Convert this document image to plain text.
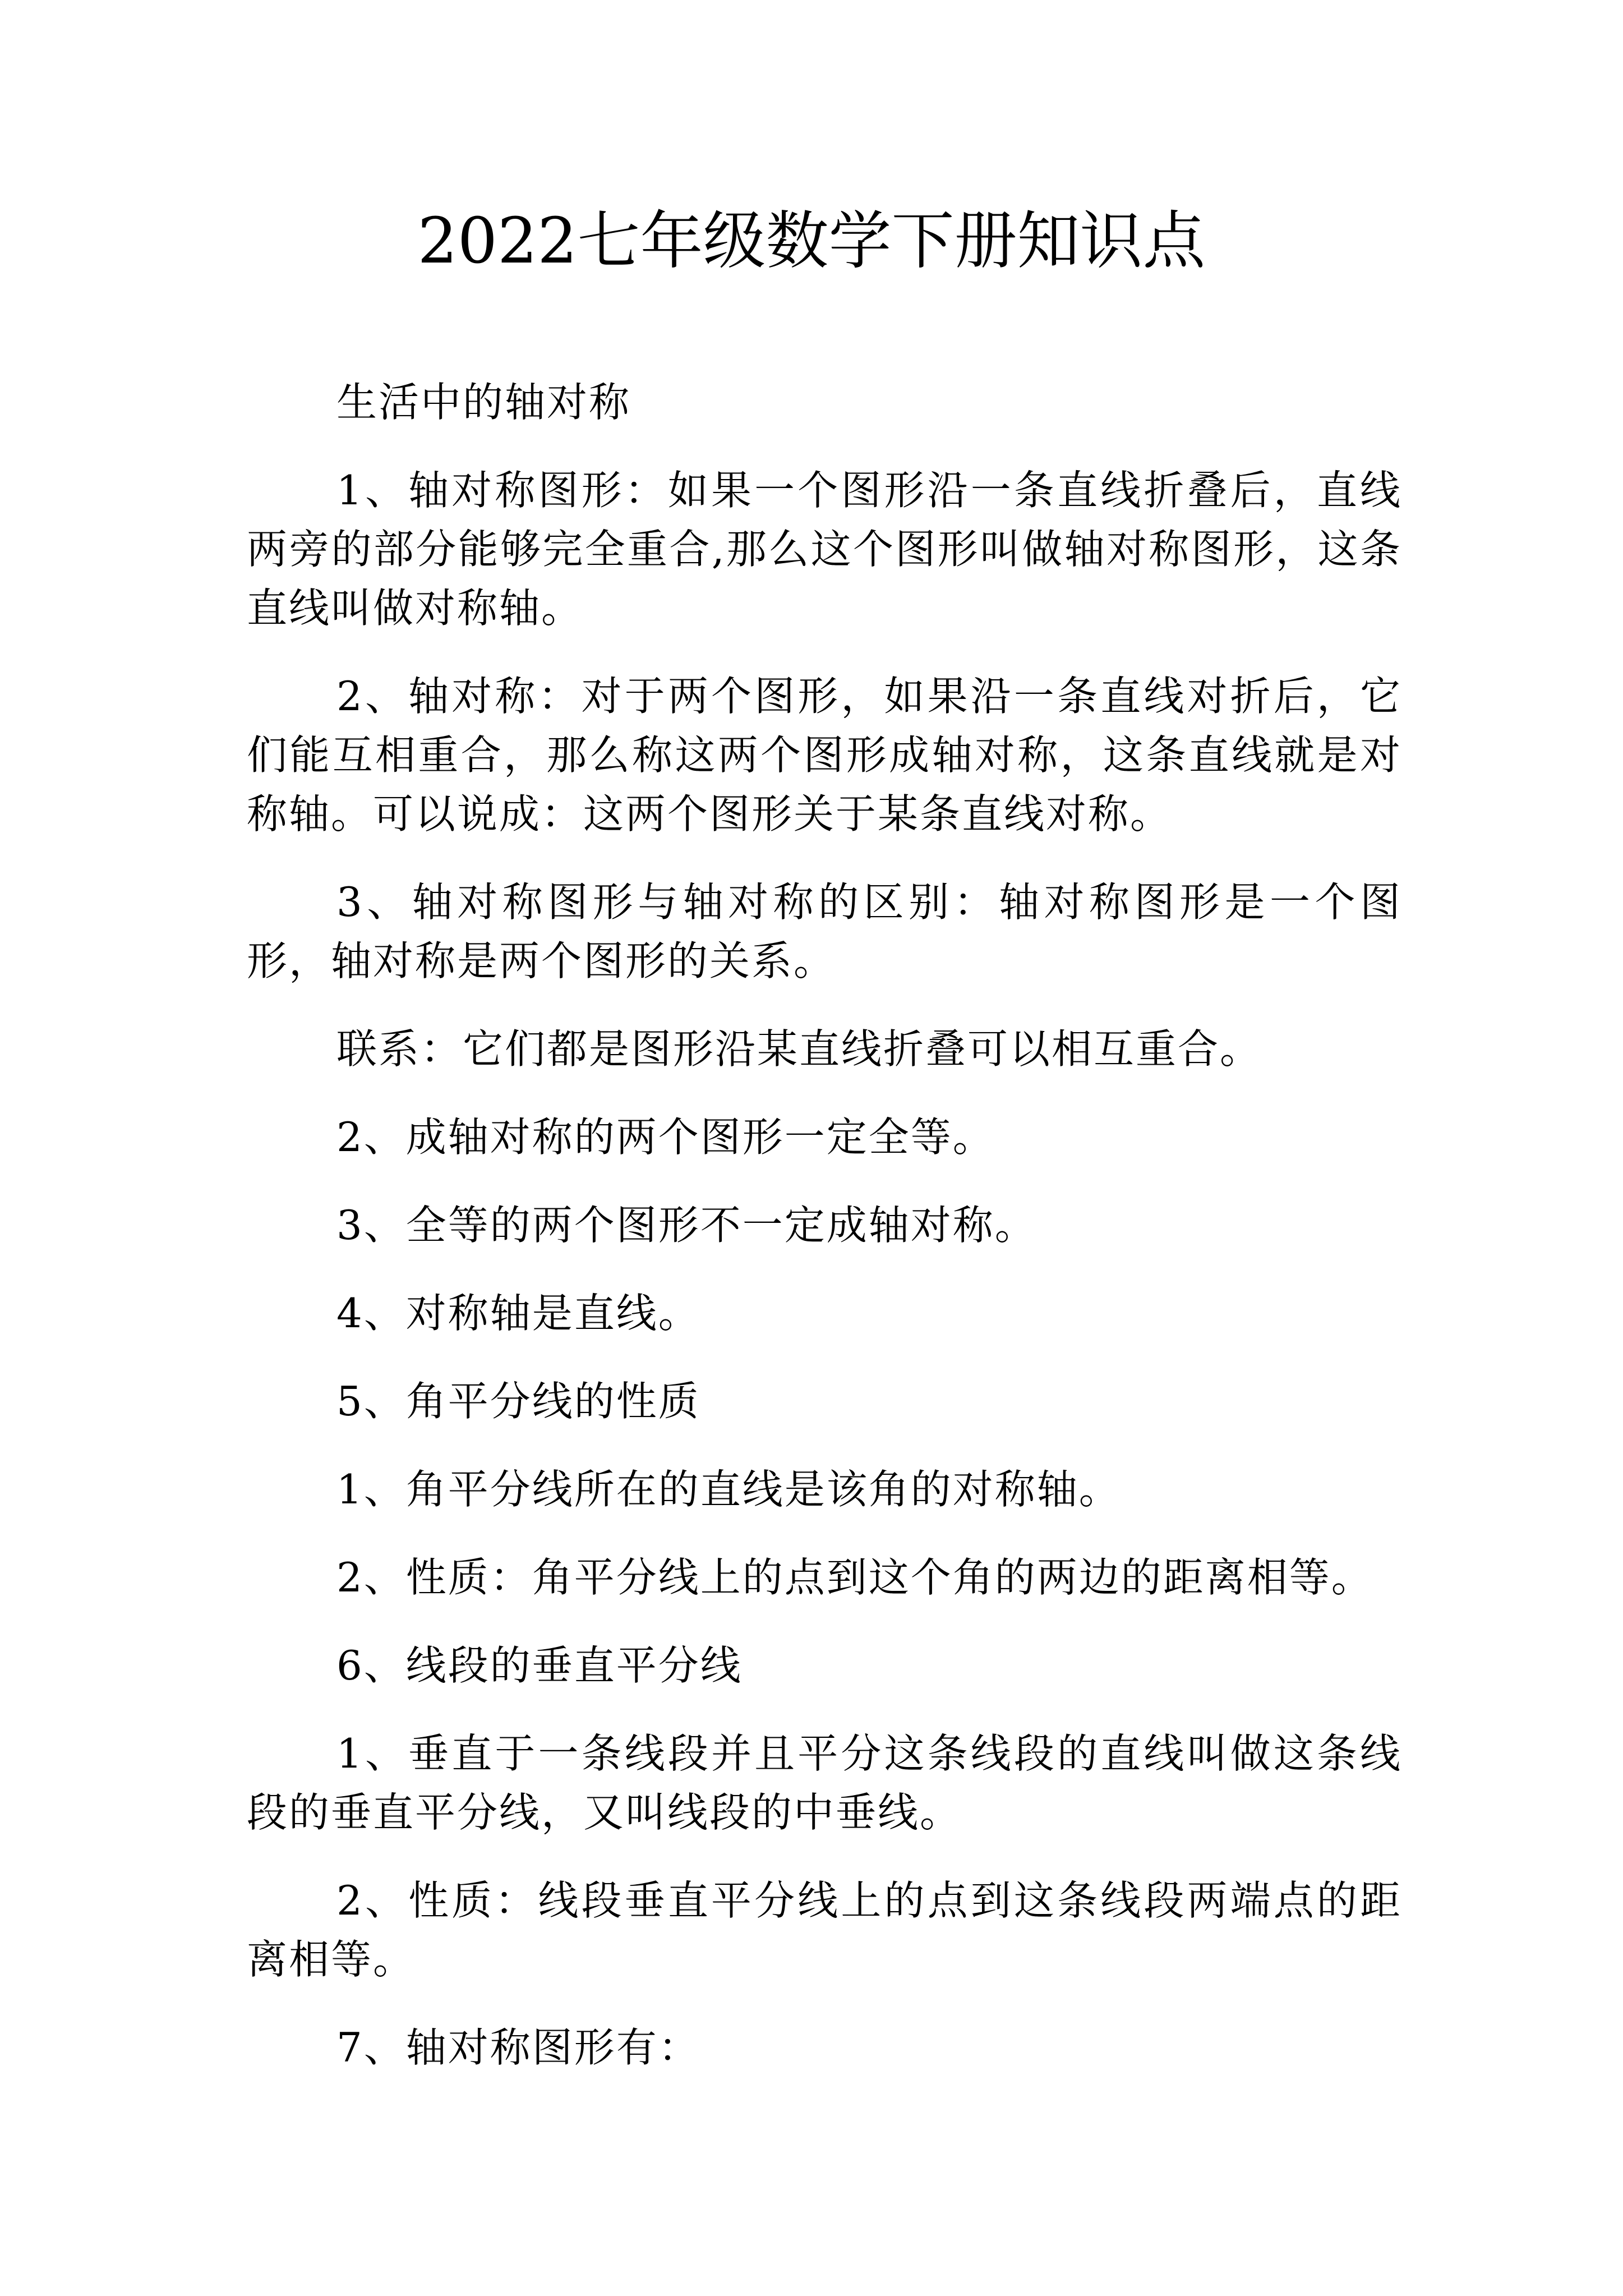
2022七年级数学下册知识点

生活中的轴对称

1、轴对称图形：如果一个图形沿一条直线折叠后，直线两旁的部分能够完全重合,那么这个图形叫做轴对称图形，这条直线叫做对称轴。

2、轴对称：对于两个图形，如果沿一条直线对折后，它们能互相重合，那么称这两个图形成轴对称，这条直线就是对称轴。可以说成：这两个图形关于某条直线对称。

3、轴对称图形与轴对称的区别：轴对称图形是一个图形，轴对称是两个图形的关系。

联系：它们都是图形沿某直线折叠可以相互重合。

2、成轴对称的两个图形一定全等。

3、全等的两个图形不一定成轴对称。

4、对称轴是直线。

5、角平分线的性质

1、角平分线所在的直线是该角的对称轴。

2、性质：角平分线上的点到这个角的两边的距离相等。

6、线段的垂直平分线

1、垂直于一条线段并且平分这条线段的直线叫做这条线段的垂直平分线，又叫线段的中垂线。

2、性质：线段垂直平分线上的点到这条线段两端点的距离相等。

7、轴对称图形有：
